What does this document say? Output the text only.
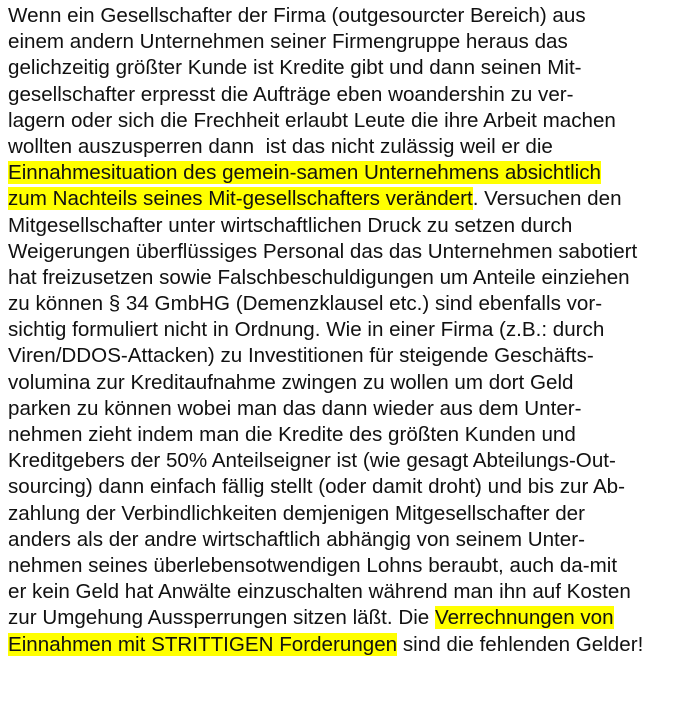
Wenn ein Gesellschafter der Firma (outgesourcter Bereich) aus
einem andern Unternehmen seiner Firmengruppe heraus das
gelichzeitig größter Kunde ist Kredite gibt und dann seinen Mit-
gesellschafter erpresst die Aufträge eben woandershin zu ver-
lagern oder sich die Frechheit erlaubt Leute die ihre Arbeit machen
wollten auszusperren dann  ist das nicht zulässig weil er die
Einnahmesituation des gemein-samen Unternehmens absichtlich
zum Nachteils seines Mit-gesellschafters verändert. Versuchen den
Mitgesellschafter unter wirtschaftlichen Druck zu setzen durch
Weigerungen überflüssiges Personal das das Unternehmen sabotiert
hat freizusetzen sowie Falschbeschuldigungen um Anteile einziehen
zu können § 34 GmbHG (Demenzklausel etc.) sind ebenfalls vor-
sichtig formuliert nicht in Ordnung. Wie in einer Firma (z.B.: durch
Viren/DDOS-Attacken) zu Investitionen für steigende Geschäfts-
volumina zur Kreditaufnahme zwingen zu wollen um dort Geld
parken zu können wobei man das dann wieder aus dem Unter-
nehmen zieht indem man die Kredite des größten Kunden und
Kreditgebers der 50% Anteilseigner ist (wie gesagt Abteilungs-Out-
sourcing) dann einfach fällig stellt (oder damit droht) und bis zur Ab-
zahlung der Verbindlichkeiten demjenigen Mitgesellschafter der
anders als der andre wirtschaftlich abhängig von seinem Unter-
nehmen seines überlebensotwendigen Lohns beraubt, auch da-mit
er kein Geld hat Anwälte einzuschalten während man ihn auf Kosten
zur Umgehung Aussperrungen sitzen läßt. Die Verrechnungen von
Einnahmen mit STRITTIGEN Forderungen sind die fehlenden Gelder!
